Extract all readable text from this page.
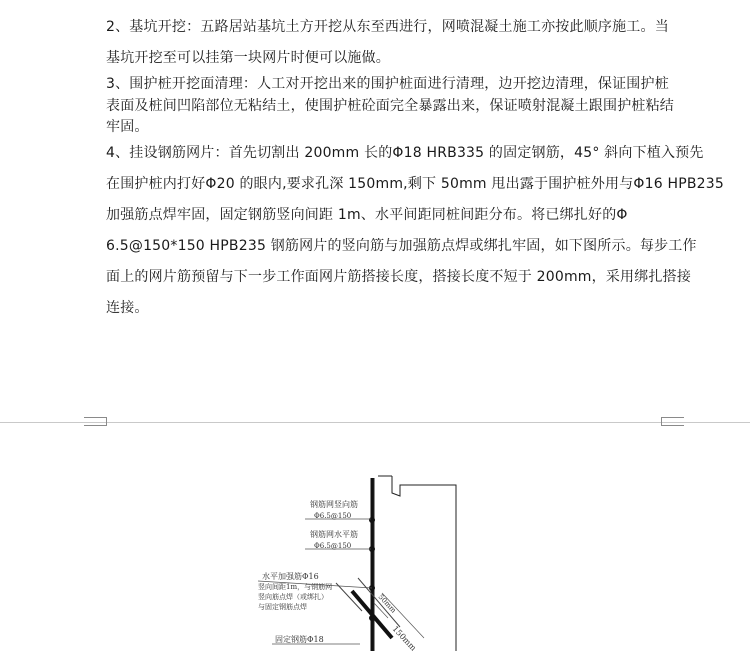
2、基坑开挖：五路居站基坑土方开挖从东至西进行，网喷混凝土施工亦按此顺序施工。当
基坑开挖至可以挂第一块网片时便可以施做。
3、围护桩开挖面清理：人工对开挖出来的围护桩面进行清理，边开挖边清理，保证围护桩
表面及桩间凹陷部位无粘结土，使围护桩砼面完全暴露出来，保证喷射混凝土跟围护桩粘结
牢固。
4、挂设钢筋网片：首先切割出 200mm 长的Φ18 HRB335 的固定钢筋，45° 斜向下植入预先
在围护桩内打好Φ20 的眼内,要求孔深 150mm,剩下 50mm 甩出露于围护桩外用与Φ16 HPB235
加强筋点焊牢固，固定钢筋竖向间距 1m、水平间距同桩间距分布。将已绑扎好的Φ
6.5@150*150 HPB235 钢筋网片的竖向筋与加强筋点焊或绑扎牢固，如下图所示。每步工作
面上的网片筋预留与下一步工作面网片筋搭接长度，搭接长度不短于 200mm，采用绑扎搭接
连接。
钢筋网竖向筋
Φ6.5@150
钢筋网水平筋
Φ6.5@150
水平加强筋Φ16
竖向间距1m，与钢筋网
竖向筋点焊（或绑扎）
与固定钢筋点焊
150mm
50mm
固定钢筋Φ18
